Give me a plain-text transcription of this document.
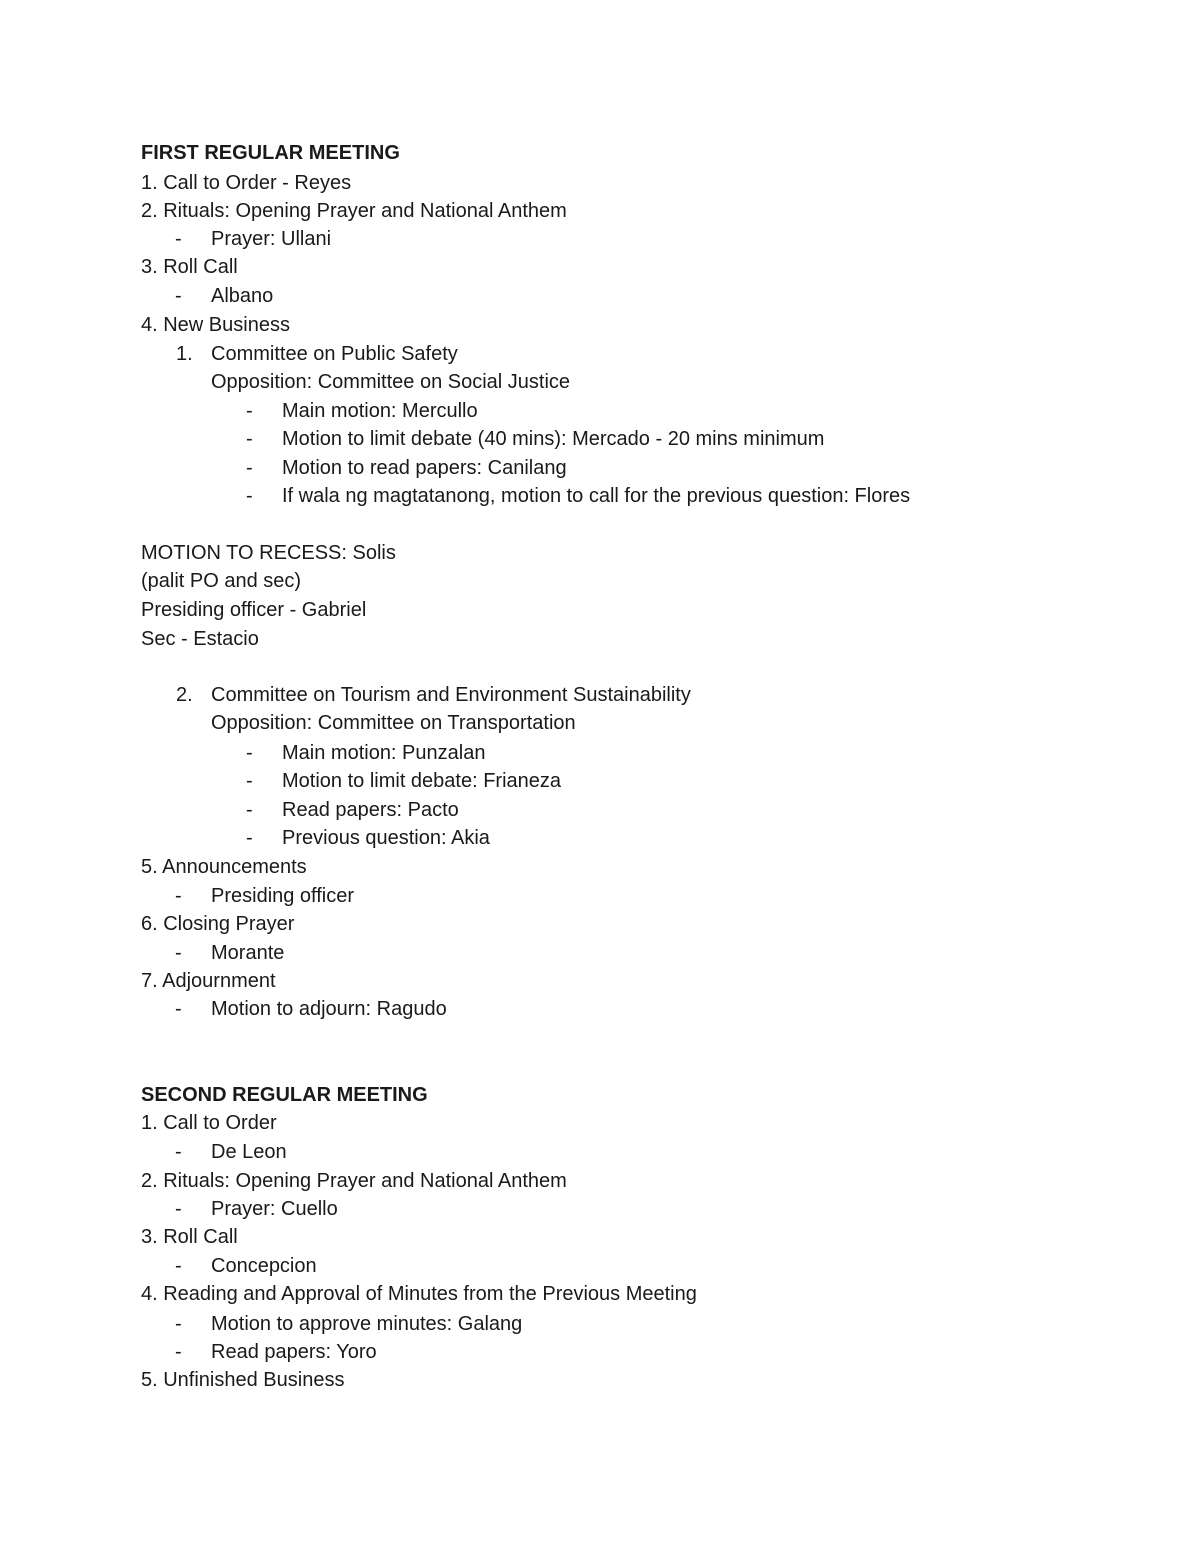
FIRST REGULAR MEETING
1. Call to Order - Reyes
2. Rituals: Opening Prayer and National Anthem
- Prayer: Ullani
3. Roll Call
- Albano
4. New Business
1. Committee on Public Safety
Opposition: Committee on Social Justice
- Main motion: Mercullo
- Motion to limit debate (40 mins): Mercado - 20 mins minimum
- Motion to read papers: Canilang
- If wala ng magtatanong, motion to call for the previous question: Flores
MOTION TO RECESS: Solis
(palit PO and sec)
Presiding officer - Gabriel
Sec - Estacio
2. Committee on Tourism and Environment Sustainability
Opposition: Committee on Transportation
- Main motion: Punzalan
- Motion to limit debate: Frianeza
- Read papers: Pacto
- Previous question: Akia
5. Announcements
- Presiding officer
6. Closing Prayer
- Morante
7. Adjournment
- Motion to adjourn: Ragudo
SECOND REGULAR MEETING
1. Call to Order
- De Leon
2. Rituals: Opening Prayer and National Anthem
- Prayer: Cuello
3. Roll Call
- Concepcion
4. Reading and Approval of Minutes from the Previous Meeting
- Motion to approve minutes: Galang
- Read papers: Yoro
5. Unfinished Business
